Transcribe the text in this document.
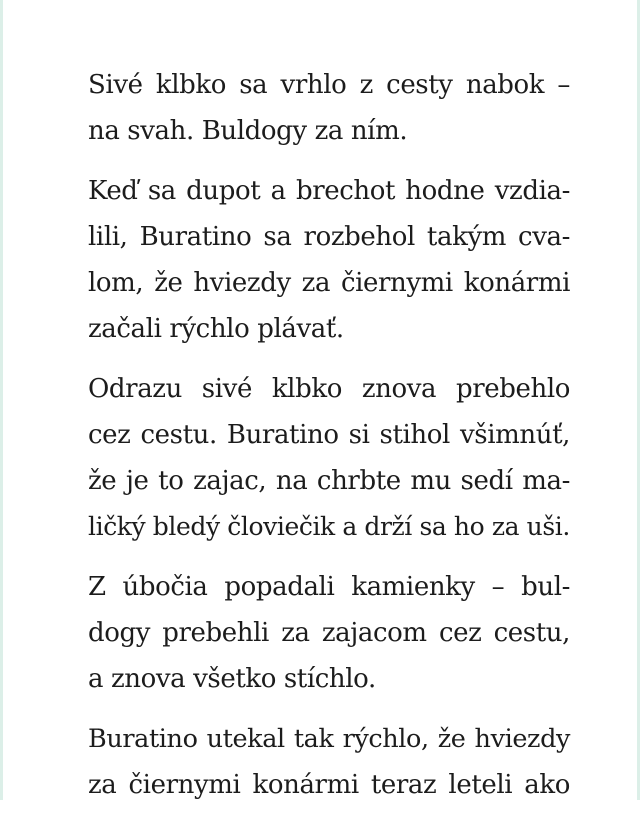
Sivé klbko sa vrhlo z cesty nabok –
na svah. Buldogy za ním.

Keď sa dupot a brechot hodne vzdia-
lili, Buratino sa rozbehol takým cva-
lom, že hviezdy za čiernymi konármi
začali rýchlo plávať.

Odrazu sivé klbko znova prebehlo
cez cestu. Buratino si stihol všimnúť,
že je to zajac, na chrbte mu sedí ma-
ličký bledý človiečik a drží sa ho za uši.

Z úbočia popadali kamienky – bul-
dogy prebehli za zajacom cez cestu,
a znova všetko stíchlo.

Buratino utekal tak rýchlo, že hviezdy
za čiernymi konármi teraz leteli ako
